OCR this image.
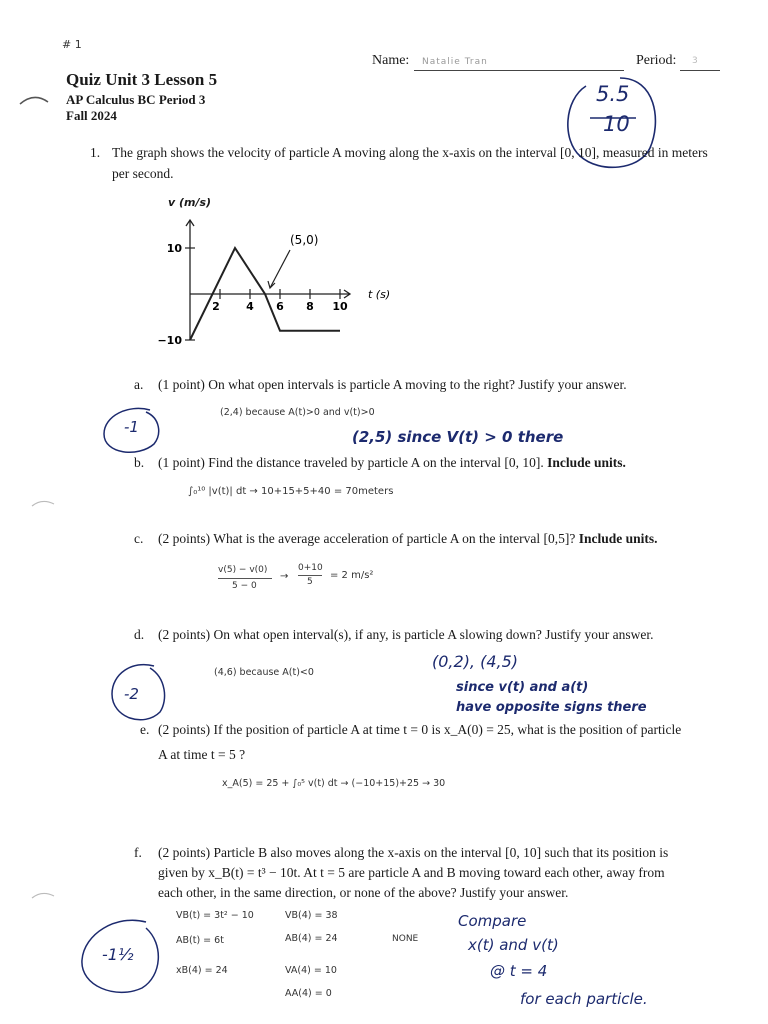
# 1
Name: Natalie Tran	Period: 3
Quiz Unit 3 Lesson 5
AP Calculus BC Period 3
Fall 2024
5.5
10
1. The graph shows the velocity of particle A moving along the x-axis on the interval [0, 10], measured in meters per second.
v (m/s)
2 4 6 8 10
10
−10
(5,0)
t (s)
a. (1 point) On what open intervals is particle A moving to the right? Justify your answer.
(2,4) because A(t)>0 and v(t)>0
(2,5) since V(t) > 0 there
-1
b. (1 point) Find the distance traveled by particle A on the interval [0, 10]. Include units.
∫₀¹⁰ |v(t)| dt → 10+15+5+40 = 70meters
c. (2 points) What is the average acceleration of particle A on the interval [0,5]? Include units.
v(5) − v(0)
5 − 0
→
0+10
5
= 2 m/s²
d. (2 points) On what open interval(s), if any, is particle A slowing down? Justify your answer.
(4,6) because A(t)<0
(0,2), (4,5)
since v(t) and a(t)
have opposite signs there
-2
e. (2 points) If the position of particle A at time t = 0 is x_A(0) = 25, what is the position of particle
A at time t = 5 ?
x_A(5) = 25 + ∫₀⁵ v(t) dt → (−10+15)+25 → 30
f. (2 points) Particle B also moves along the x-axis on the interval [0, 10] such that its position is
given by x_B(t) = t³ − 10t. At t = 5 are particle A and B moving toward each other, away from
each other, in the same direction, or none of the above? Justify your answer.
VB(t) = 3t² − 10	VB(4) = 38
AB(t) = 6t	AB(4) = 24	NONE
xB(4) = 24	VA(4) = 10
AA(4) = 0
Compare
x(t) and v(t)
@ t = 4
for each particle.
-1½
